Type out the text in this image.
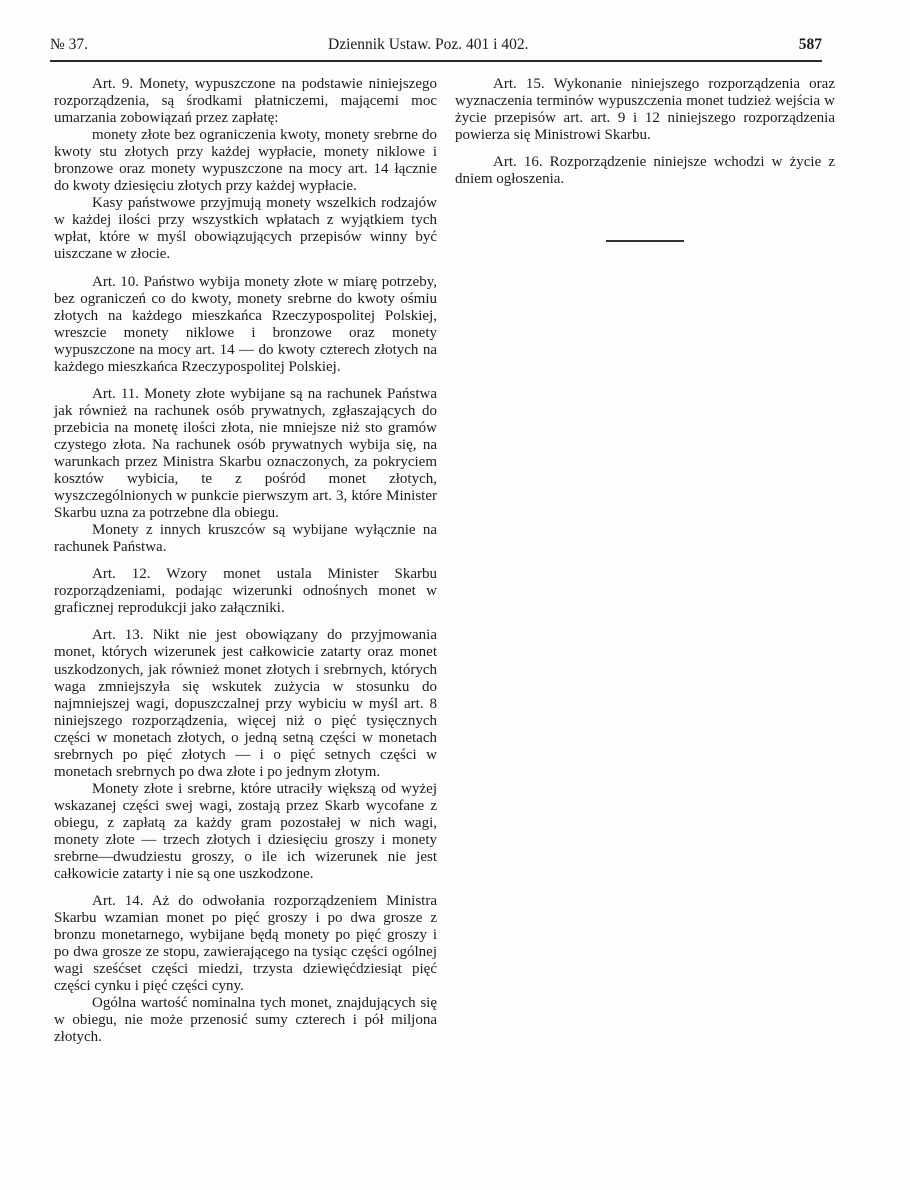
№ 37.	Dziennik Ustaw. Poz. 401 i 402.	587

Art. 9. Monety, wypuszczone na podstawie niniejszego rozporządzenia, są środkami płatniczemi, mającemi moc umarzania zobowiązań przez zapłatę:

monety złote bez ograniczenia kwoty, monety srebrne do kwoty stu złotych przy każdej wypłacie, monety niklowe i bronzowe oraz monety wypuszczone na mocy art. 14 łącznie do kwoty dziesięciu złotych przy każdej wypłacie.

Kasy państwowe przyjmują monety wszelkich rodzajów w każdej ilości przy wszystkich wpłatach z wyjątkiem tych wpłat, które w myśl obowiązujących przepisów winny być uiszczane w złocie.

Art. 10. Państwo wybija monety złote w miarę potrzeby, bez ograniczeń co do kwoty, monety srebrne do kwoty ośmiu złotych na każdego mieszkańca Rzeczypospolitej Polskiej, wreszcie monety niklowe i bronzowe oraz monety wypuszczone na mocy art. 14 — do kwoty czterech złotych na każdego mieszkańca Rzeczypospolitej Polskiej.

Art. 11. Monety złote wybijane są na rachunek Państwa jak również na rachunek osób prywatnych, zgłaszających do przebicia na monetę ilości złota, nie mniejsze niż sto gramów czystego złota. Na rachunek osób prywatnych wybija się, na warunkach przez Ministra Skarbu oznaczonych, za pokryciem kosztów wybicia, te z pośród monet złotych, wyszczególnionych w punkcie pierwszym art. 3, które Minister Skarbu uzna za potrzebne dla obiegu.

Monety z innych kruszców są wybijane wyłącznie na rachunek Państwa.

Art. 12. Wzory monet ustala Minister Skarbu rozporządzeniami, podając wizerunki odnośnych monet w graficznej reprodukcji jako załączniki.

Art. 13. Nikt nie jest obowiązany do przyjmowania monet, których wizerunek jest całkowicie zatarty oraz monet uszkodzonych, jak również monet złotych i srebrnych, których waga zmniejszyła się wskutek zużycia w stosunku do najmniejszej wagi, dopuszczalnej przy wybiciu w myśl art. 8 niniejszego rozporządzenia, więcej niż o pięć tysięcznych części w monetach złotych, o jedną setną części w monetach srebrnych po pięć złotych — i o pięć setnych części w monetach srebrnych po dwa złote i po jednym złotym.

Monety złote i srebrne, które utraciły większą od wyżej wskazanej części swej wagi, zostają przez Skarb wycofane z obiegu, z zapłatą za każdy gram pozostałej w nich wagi, monety złote — trzech złotych i dziesięciu groszy i monety srebrne—dwudziestu groszy, o ile ich wizerunek nie jest całkowicie zatarty i nie są one uszkodzone.

Art. 14. Aż do odwołania rozporządzeniem Ministra Skarbu wzamian monet po pięć groszy i po dwa grosze z bronzu monetarnego, wybijane będą monety po pięć groszy i po dwa grosze ze stopu, zawierającego na tysiąc części ogólnej wagi sześćset części miedzi, trzysta dziewięćdziesiąt pięć części cynku i pięć części cyny.

Ogólna wartość nominalna tych monet, znajdujących się w obiegu, nie może przenosić sumy czterech i pół miljona złotych.

Art. 15. Wykonanie niniejszego rozporządzenia oraz wyznaczenia terminów wypuszczenia monet tudzież wejścia w życie przepisów art. art. 9 i 12 niniejszego rozporządzenia powierza się Ministrowi Skarbu.

Art. 16. Rozporządzenie niniejsze wchodzi w życie z dniem ogłoszenia.
